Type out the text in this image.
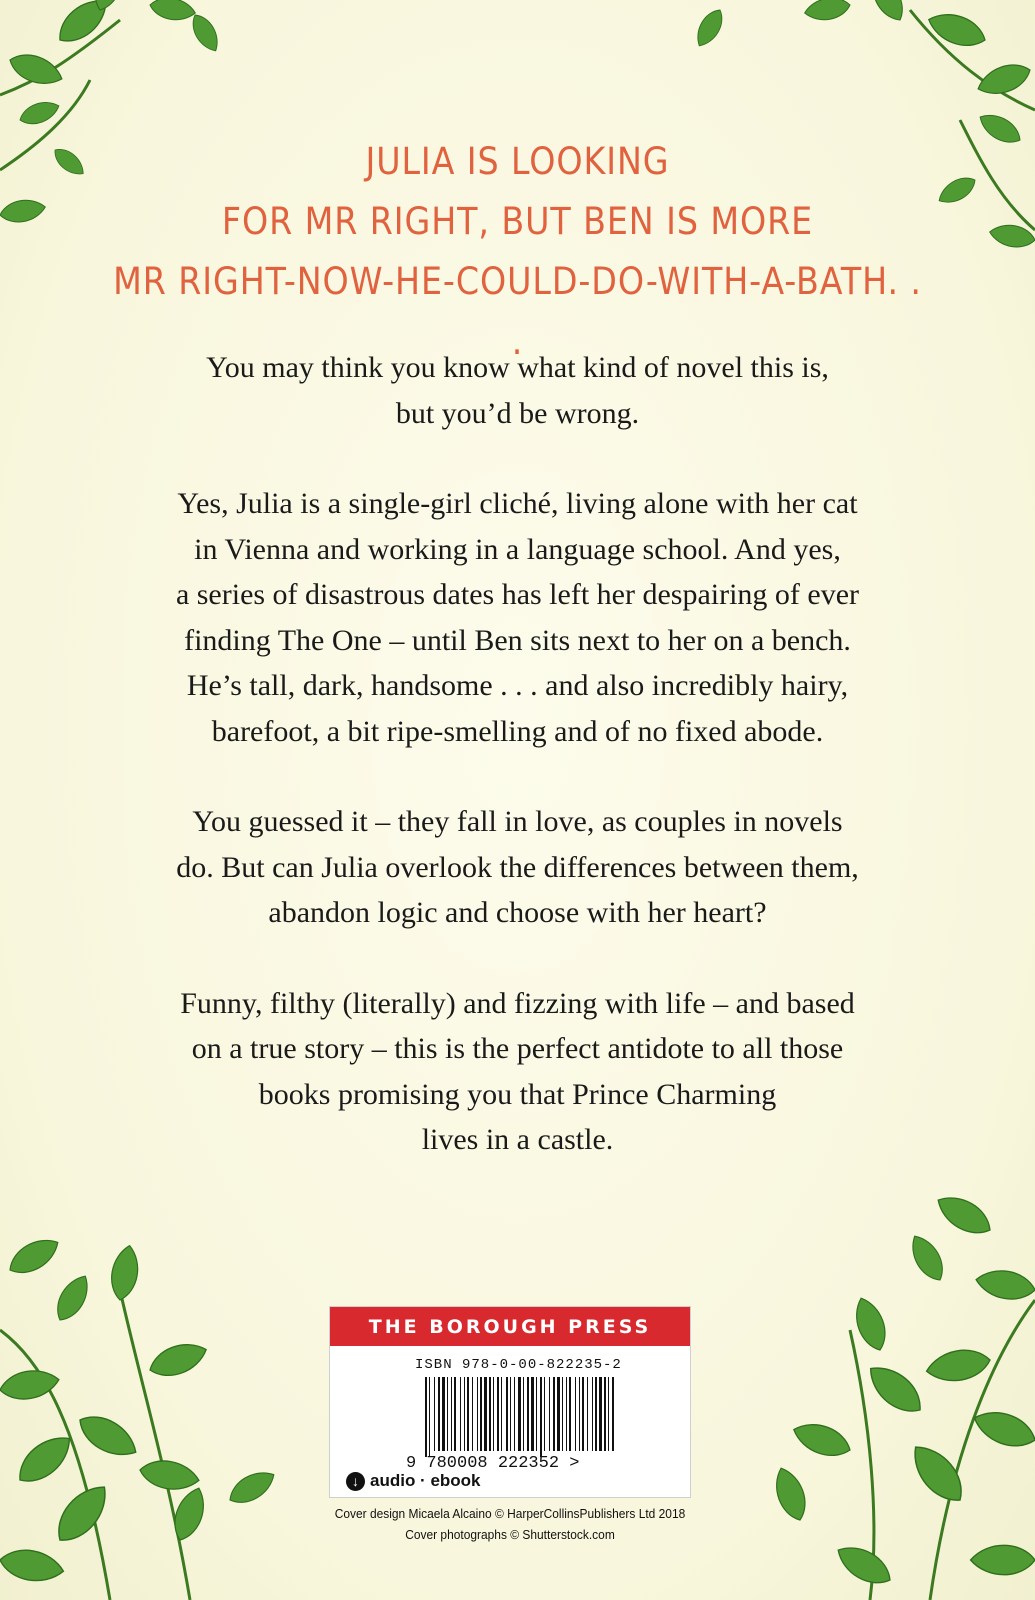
JULIA IS LOOKING
FOR MR RIGHT, BUT BEN IS MORE
MR RIGHT-NOW-HE-COULD-DO-WITH-A-BATH. . .

You may think you know what kind of novel this is,
but you’d be wrong.

Yes, Julia is a single-girl cliché, living alone with her cat
in Vienna and working in a language school. And yes,
a series of disastrous dates has left her despairing of ever
finding The One – until Ben sits next to her on a bench.
He’s tall, dark, handsome . . . and also incredibly hairy,
barefoot, a bit ripe-smelling and of no fixed abode.

You guessed it – they fall in love, as couples in novels
do. But can Julia overlook the differences between them,
abandon logic and choose with her heart?

Funny, filthy (literally) and fizzing with life – and based
on a true story – this is the perfect antidote to all those
books promising you that Prince Charming
lives in a castle.

THE BOROUGH PRESS
ISBN 978-0-00-822235-2
9 780008 222352 >
↓ audio · ebook
Cover design Micaela Alcaino © HarperCollinsPublishers Ltd 2018
Cover photographs © Shutterstock.com
